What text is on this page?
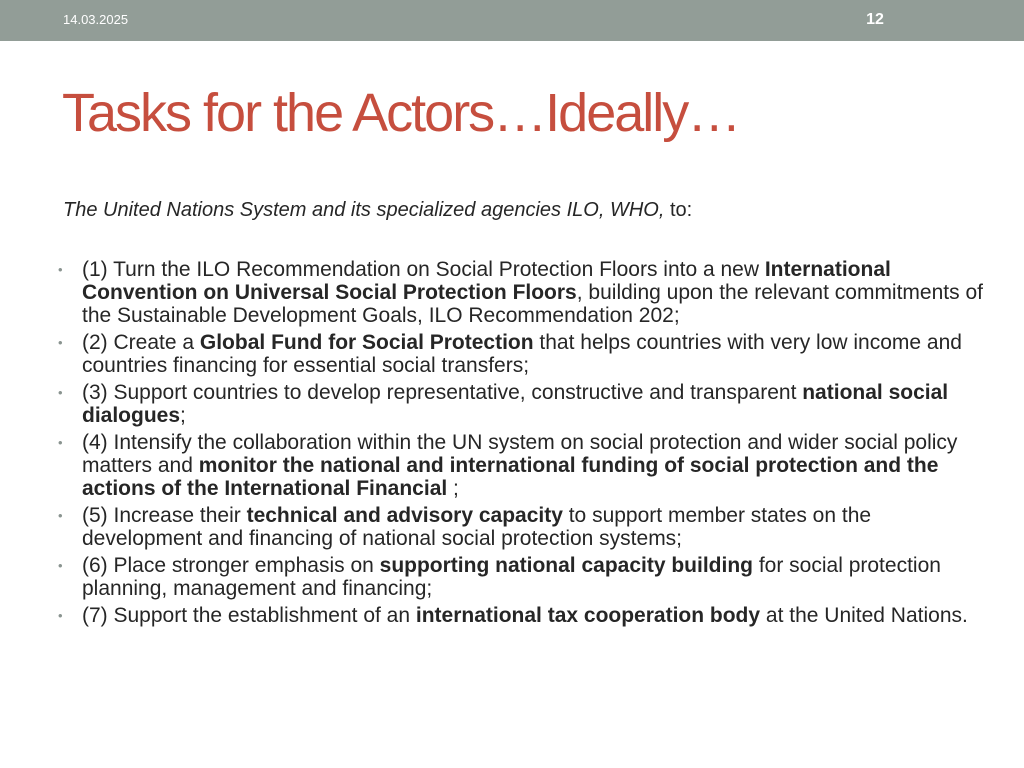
14.03.2025	12
Tasks for the Actors…Ideally…
The United Nations System and its specialized agencies ILO, WHO, to:
• (1) Turn the ILO Recommendation on Social Protection Floors into a new International Convention on Universal Social Protection Floors, building upon the relevant commitments of the Sustainable Development Goals, ILO Recommendation 202;
• (2) Create a Global Fund for Social Protection that helps countries with very low income and countries financing for essential social transfers;
• (3) Support countries to develop representative, constructive and transparent national social dialogues;
• (4) Intensify the collaboration within the UN system on social protection and wider social policy matters and monitor the national and international funding of social protection and the actions of the International Financial ;
• (5) Increase their technical and advisory capacity to support member states on the development and financing of national social protection systems;
• (6) Place stronger emphasis on supporting national capacity building for social protection planning, management and financing;
• (7) Support the establishment of an international tax cooperation body at the United Nations.
